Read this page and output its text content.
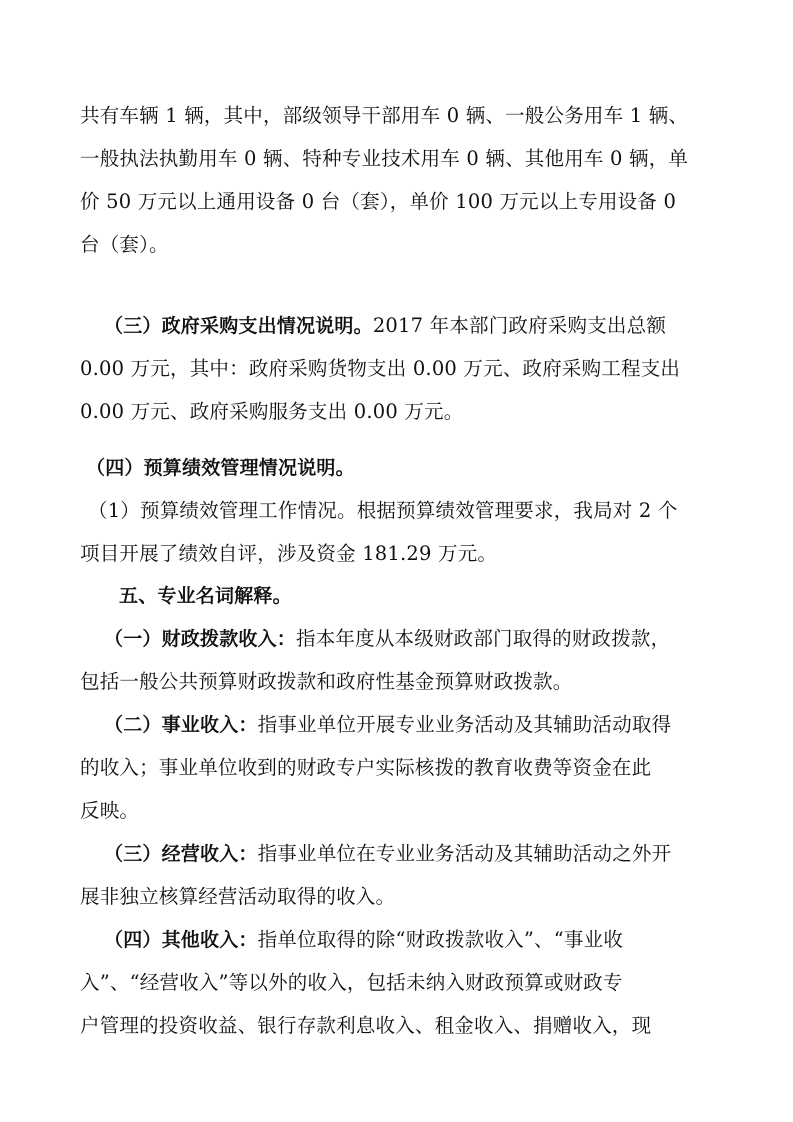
共有车辆 1 辆，其中，部级领导干部用车 0 辆、一般公务用车 1 辆、
一般执法执勤用车 0 辆、特种专业技术用车 0 辆、其他用车 0 辆，单
价 50 万元以上通用设备 0 台（套），单价 100 万元以上专用设备 0
台（套）。
（三）政府采购支出情况说明。2017 年本部门政府采购支出总额
0.00 万元，其中：政府采购货物支出 0.00 万元、政府采购工程支出
0.00 万元、政府采购服务支出 0.00 万元。
（四）预算绩效管理情况说明。
（1）预算绩效管理工作情况。根据预算绩效管理要求，我局对 2 个
项目开展了绩效自评，涉及资金 181.29 万元。
五、专业名词解释。
（一）财政拨款收入：指本年度从本级财政部门取得的财政拨款，
包括一般公共预算财政拨款和政府性基金预算财政拨款。
（二）事业收入：指事业单位开展专业业务活动及其辅助活动取得
的收入；事业单位收到的财政专户实际核拨的教育收费等资金在此
反映。
（三）经营收入：指事业单位在专业业务活动及其辅助活动之外开
展非独立核算经营活动取得的收入。
（四）其他收入：指单位取得的除“财政拨款收入”、“事业收
入”、“经营收入”等以外的收入，包括未纳入财政预算或财政专
户管理的投资收益、银行存款利息收入、租金收入、捐赠收入，现
